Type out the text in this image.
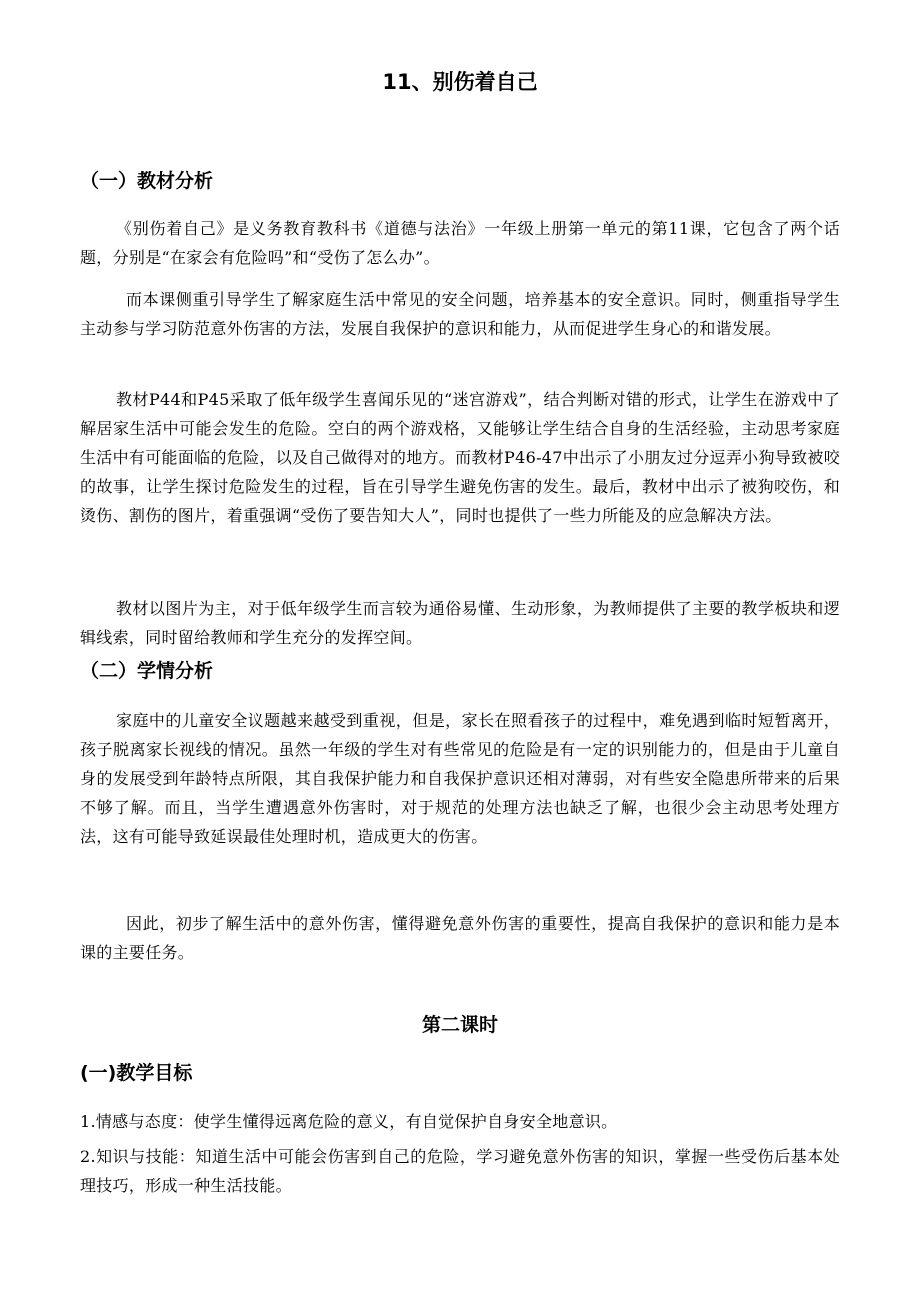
11、别伤着自己
（一）教材分析

《别伤着自己》是义务教育教科书《道德与法治》一年级上册第一单元的第11课，它包含了两个话题，分别是“在家会有危险吗”和“受伤了怎么办”。

而本课侧重引导学生了解家庭生活中常见的安全问题，培养基本的安全意识。同时，侧重指导学生主动参与学习防范意外伤害的方法，发展自我保护的意识和能力，从而促进学生身心的和谐发展。

教材P44和P45采取了低年级学生喜闻乐见的“迷宫游戏”，结合判断对错的形式，让学生在游戏中了解居家生活中可能会发生的危险。空白的两个游戏格，又能够让学生结合自身的生活经验，主动思考家庭生活中有可能面临的危险，以及自己做得对的地方。而教材P46-47中出示了小朋友过分逗弄小狗导致被咬的故事，让学生探讨危险发生的过程，旨在引导学生避免伤害的发生。最后，教材中出示了被狗咬伤，和烫伤、割伤的图片，着重强调“受伤了要告知大人”，同时也提供了一些力所能及的应急解决方法。

教材以图片为主，对于低年级学生而言较为通俗易懂、生动形象，为教师提供了主要的教学板块和逻辑线索，同时留给教师和学生充分的发挥空间。

（二）学情分析

家庭中的儿童安全议题越来越受到重视，但是，家长在照看孩子的过程中，难免遇到临时短暂离开，孩子脱离家长视线的情况。虽然一年级的学生对有些常见的危险是有一定的识别能力的，但是由于儿童自身的发展受到年龄特点所限，其自我保护能力和自我保护意识还相对薄弱，对有些安全隐患所带来的后果不够了解。而且，当学生遭遇意外伤害时，对于规范的处理方法也缺乏了解，也很少会主动思考处理方法，这有可能导致延误最佳处理时机，造成更大的伤害。

因此，初步了解生活中的意外伤害，懂得避免意外伤害的重要性，提高自我保护的意识和能力是本课的主要任务。

第二课时
(一)教学目标

1.情感与态度：使学生懂得远离危险的意义，有自觉保护自身安全地意识。

2.知识与技能：知道生活中可能会伤害到自己的危险，学习避免意外伤害的知识，掌握一些受伤后基本处理技巧，形成一种生活技能。
